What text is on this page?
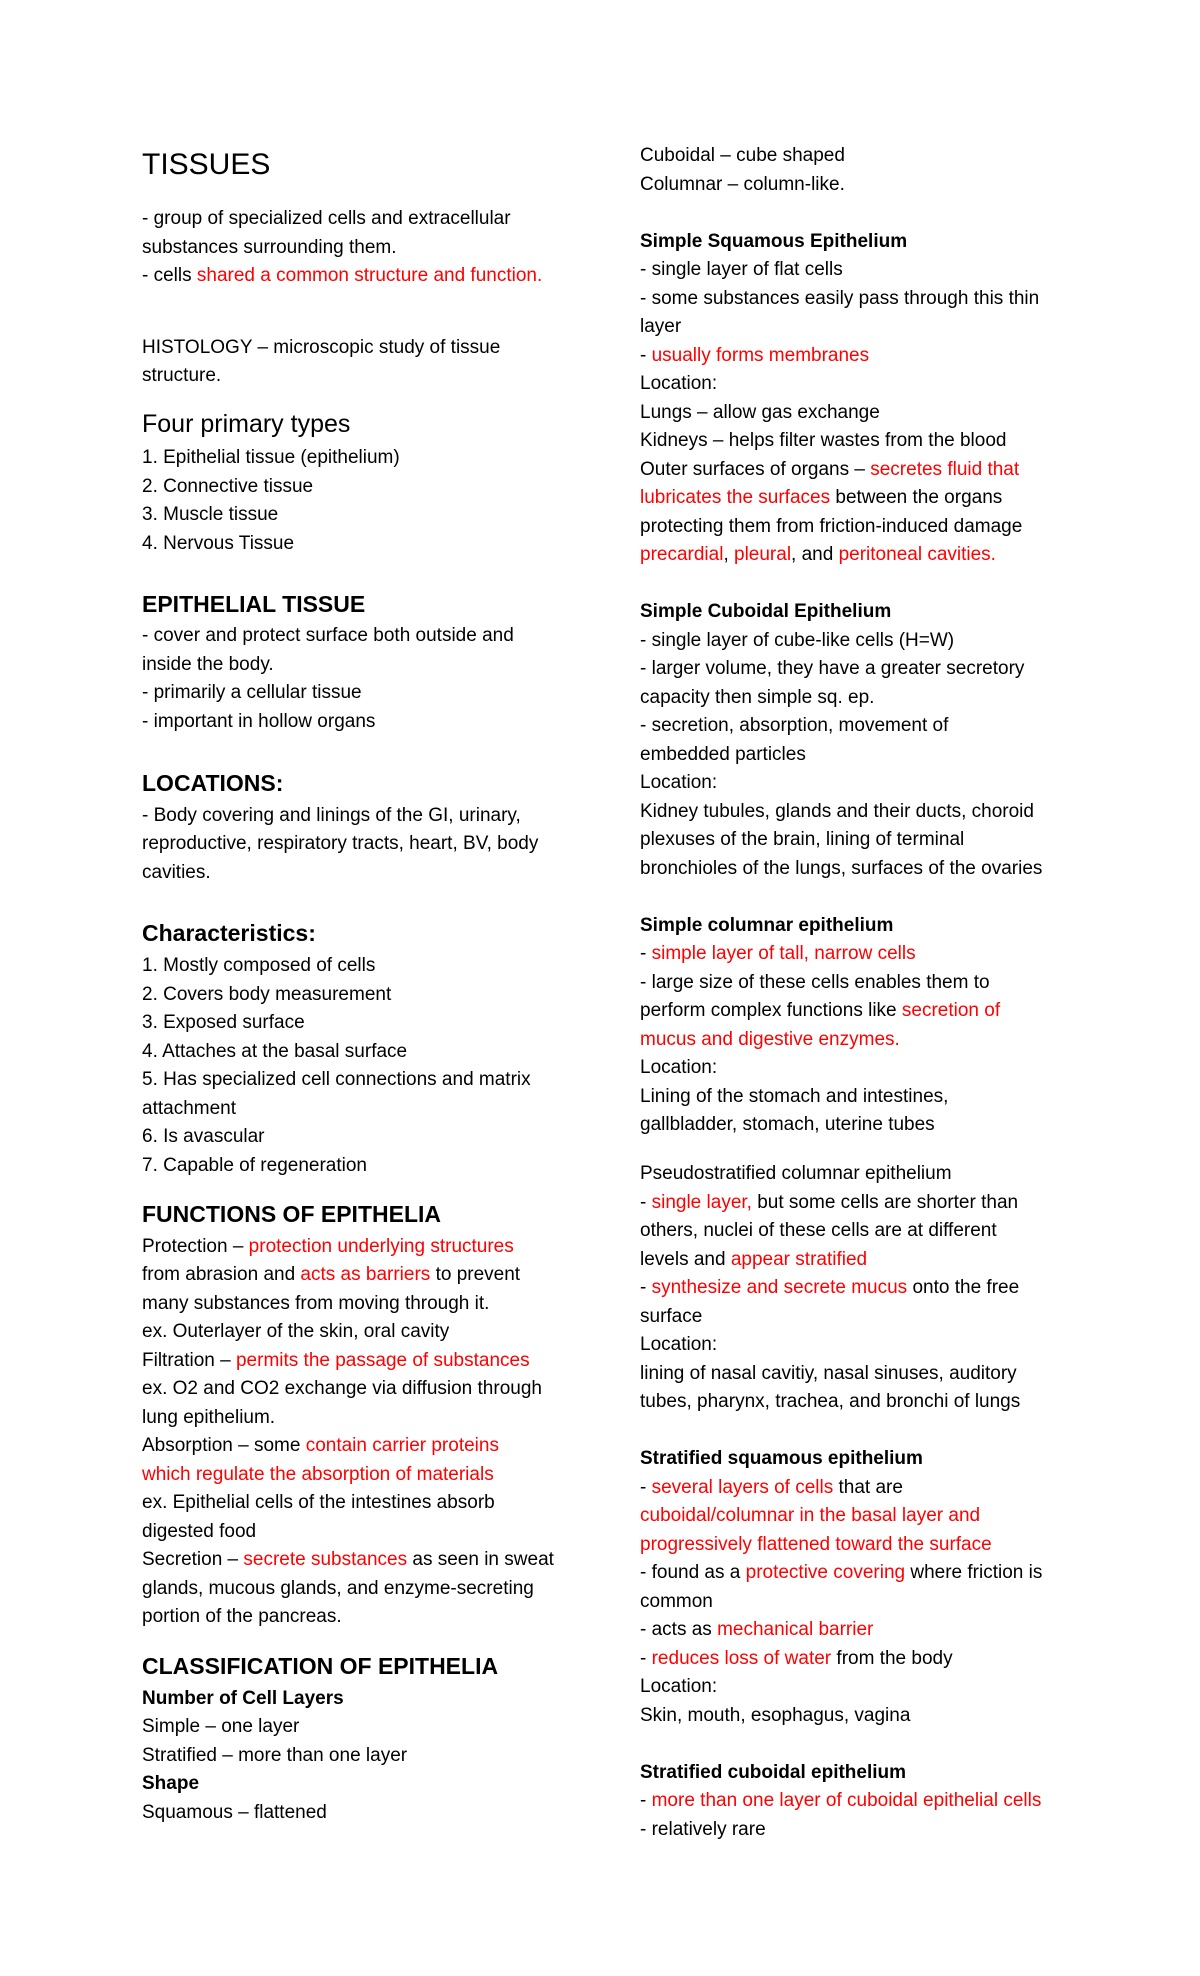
TISSUES
- group of specialized cells and extracellular
substances surrounding them.
- cells shared a common structure and function.
HISTOLOGY – microscopic study of tissue
structure.
Four primary types
1. Epithelial tissue (epithelium)
2. Connective tissue
3. Muscle tissue
4. Nervous Tissue
EPITHELIAL TISSUE
- cover and protect surface both outside and
inside the body.
- primarily a cellular tissue
- important in hollow organs
LOCATIONS:
- Body covering and linings of the GI, urinary,
reproductive, respiratory tracts, heart, BV, body
cavities.
Characteristics:
1. Mostly composed of cells
2. Covers body measurement
3. Exposed surface
4. Attaches at the basal surface
5. Has specialized cell connections and matrix
attachment
6. Is avascular
7. Capable of regeneration
FUNCTIONS OF EPITHELIA
Protection – protection underlying structures
from abrasion and acts as barriers to prevent
many substances from moving through it.
ex. Outerlayer of the skin, oral cavity
Filtration – permits the passage of substances
ex. O2 and CO2 exchange via diffusion through
lung epithelium.
Absorption – some contain carrier proteins
which regulate the absorption of materials
ex. Epithelial cells of the intestines absorb
digested food
Secretion – secrete substances as seen in sweat
glands, mucous glands, and enzyme-secreting
portion of the pancreas.
CLASSIFICATION OF EPITHELIA
Number of Cell Layers
Simple – one layer
Stratified – more than one layer
Shape
Squamous – flattened
Cuboidal – cube shaped
Columnar – column-like.
Simple Squamous Epithelium
- single layer of flat cells
- some substances easily pass through this thin
layer
- usually forms membranes
Location:
Lungs – allow gas exchange
Kidneys – helps filter wastes from the blood
Outer surfaces of organs – secretes fluid that
lubricates the surfaces between the organs
protecting them from friction-induced damage
precardial, pleural, and peritoneal cavities.
Simple Cuboidal Epithelium
- single layer of cube-like cells (H=W)
- larger volume, they have a greater secretory
capacity then simple sq. ep.
- secretion, absorption, movement of
embedded particles
Location:
Kidney tubules, glands and their ducts, choroid
plexuses of the brain, lining of terminal
bronchioles of the lungs, surfaces of the ovaries
Simple columnar epithelium
- simple layer of tall, narrow cells
- large size of these cells enables them to
perform complex functions like secretion of
mucus and digestive enzymes.
Location:
Lining of the stomach and intestines,
gallbladder, stomach, uterine tubes
Pseudostratified columnar epithelium
- single layer, but some cells are shorter than
others, nuclei of these cells are at different
levels and appear stratified
- synthesize and secrete mucus onto the free
surface
Location:
lining of nasal cavitiy, nasal sinuses, auditory
tubes, pharynx, trachea, and bronchi of lungs
Stratified squamous epithelium
- several layers of cells that are
cuboidal/columnar in the basal layer and
progressively flattened toward the surface
- found as a protective covering where friction is
common
- acts as mechanical barrier
- reduces loss of water from the body
Location:
Skin, mouth, esophagus, vagina
Stratified cuboidal epithelium
- more than one layer of cuboidal epithelial cells
- relatively rare
